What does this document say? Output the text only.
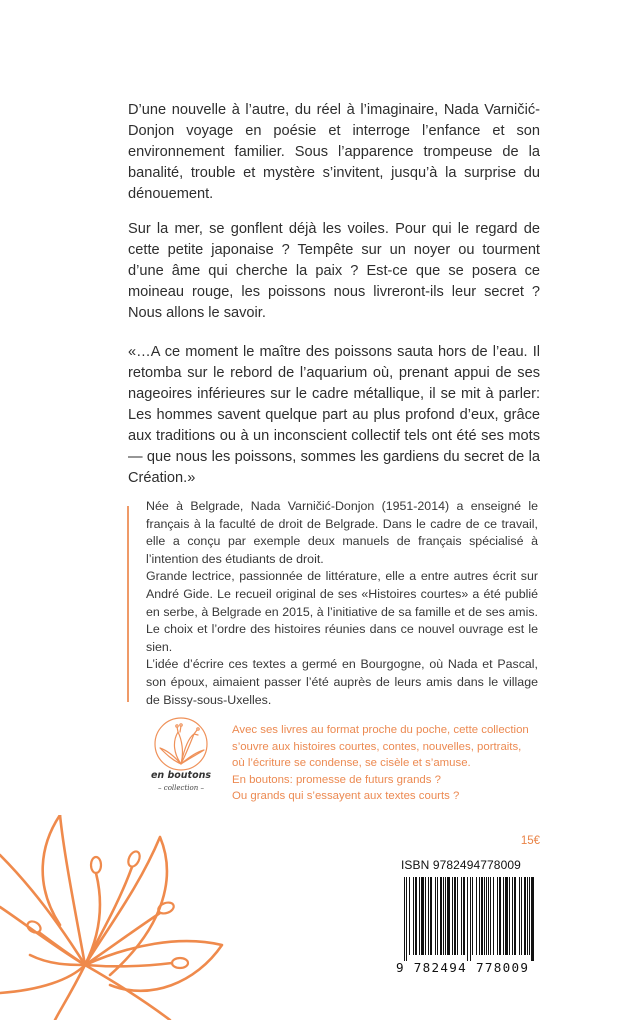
D’une nouvelle à l’autre, du réel à l’imaginaire, Nada Varničić-Donjon voyage en poésie et interroge l’enfance et son environnement familier. Sous l’apparence trompeuse de la banalité, trouble et mystère s’invitent, jusqu’à la surprise du dénouement.

Sur la mer, se gonflent déjà les voiles. Pour qui le regard de cette petite japonaise ? Tempête sur un noyer ou tourment d’une âme qui cherche la paix ? Est-ce que se posera ce moineau rouge, les poissons nous livreront-ils leur secret ? Nous allons le savoir.

«…A ce moment le maître des poissons sauta hors de l’eau. Il retomba sur le rebord de l’aquarium où, prenant appui de ses nageoires inférieures sur le cadre métallique, il se mit à parler: Les hommes savent quelque part au plus profond d’eux, grâce aux traditions ou à un inconscient collectif tels ont été ses mots — que nous les poissons, sommes les gardiens du secret de la Création.»

Née à Belgrade, Nada Varničić-Donjon (1951-2014) a enseigné le français à la faculté de droit de Belgrade. Dans le cadre de ce travail, elle a conçu par exemple deux manuels de français spécialisé à l’intention des étudiants de droit.

Grande lectrice, passionnée de littérature, elle a entre autres écrit sur André Gide. Le recueil original de ses «Histoires courtes» a été publié en serbe, à Belgrade en 2015, à l’initiative de sa famille et de ses amis. Le choix et l’ordre des histoires réunies dans ce nouvel ouvrage est le sien.

L’idée d’écrire ces textes a germé en Bourgogne, où Nada et Pascal, son époux, aimaient passer l’été auprès de leurs amis dans le village de Bissy-sous-Uxelles.

en boutons
– collection –

Avec ses livres au format proche du poche, cette collection

s’ouvre aux histoires courtes, contes, nouvelles, portraits,

où l’écriture se condense, se cisèle et s’amuse.

En boutons: promesse de futurs grands ?

Ou grands qui s’essayent aux textes courts ?

15€
ISBN 9782494778009
9 782494 778009
